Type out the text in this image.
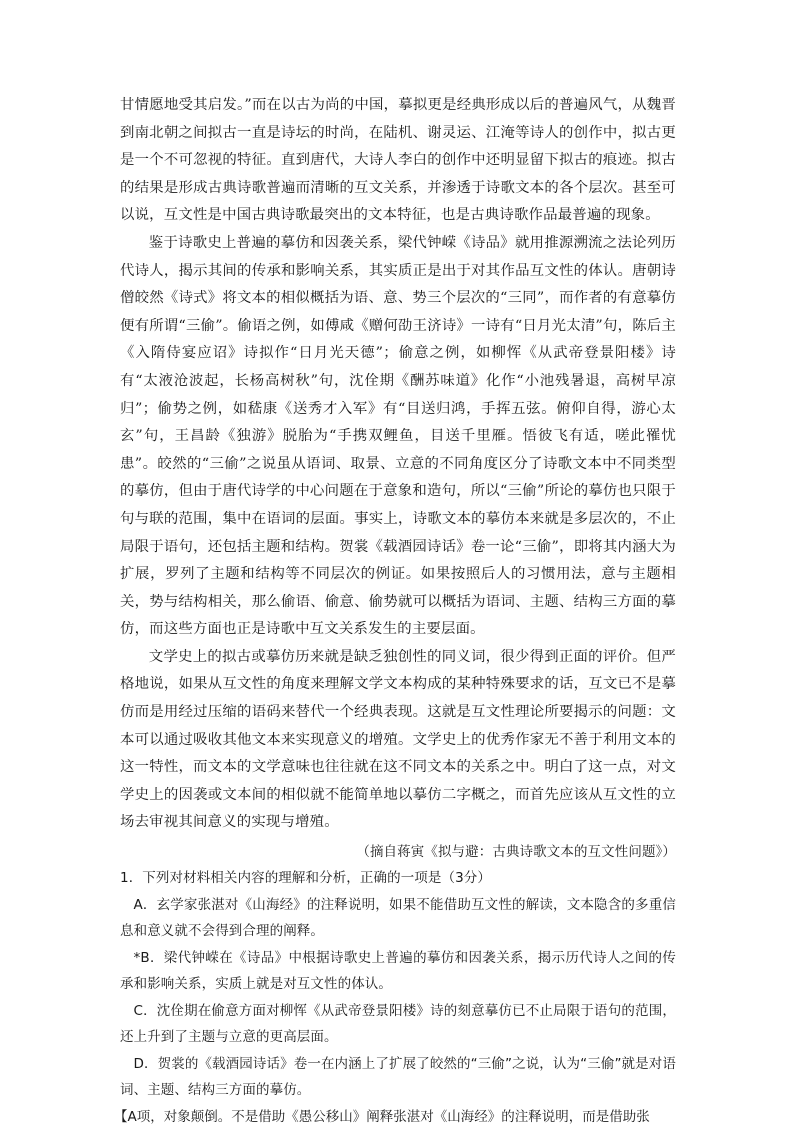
甘情愿地受其启发。”而在以古为尚的中国，摹拟更是经典形成以后的普遍风气，从魏晋到南北朝之间拟古一直是诗坛的时尚，在陆机、谢灵运、江淹等诗人的创作中，拟古更是一个不可忽视的特征。直到唐代，大诗人李白的创作中还明显留下拟古的痕迹。拟古的结果是形成古典诗歌普遍而清晰的互文关系，并渗透于诗歌文本的各个层次。甚至可以说，互文性是中国古典诗歌最突出的文本特征，也是古典诗歌作品最普遍的现象。

鉴于诗歌史上普遍的摹仿和因袭关系，梁代钟嵘《诗品》就用推源溯流之法论列历代诗人，揭示其间的传承和影响关系，其实质正是出于对其作品互文性的体认。唐朝诗僧皎然《诗式》将文本的相似概括为语、意、势三个层次的“三同”，而作者的有意摹仿便有所谓“三偷”。偷语之例，如傅咸《赠何劭王济诗》一诗有“日月光太清”句，陈后主《入隋侍宴应诏》诗拟作“日月光天德”；偷意之例，如柳恽《从武帝登景阳楼》诗有“太液沧波起，长杨高树秋”句，沈佺期《酬苏味道》化作“小池残暑退，高树早凉归”；偷势之例，如嵇康《送秀才入军》有“目送归鸿，手挥五弦。俯仰自得，游心太玄”句，王昌龄《独游》脱胎为“手携双鲤鱼，目送千里雁。悟彼飞有适，嗟此罹忧患”。皎然的“三偷”之说虽从语词、取景、立意的不同角度区分了诗歌文本中不同类型的摹仿，但由于唐代诗学的中心问题在于意象和造句，所以“三偷”所论的摹仿也只限于句与联的范围，集中在语词的层面。事实上，诗歌文本的摹仿本来就是多层次的，不止局限于语句，还包括主题和结构。贺裳《载酒园诗话》卷一论“三偷”，即将其内涵大为扩展，罗列了主题和结构等不同层次的例证。如果按照后人的习惯用法，意与主题相关，势与结构相关，那么偷语、偷意、偷势就可以概括为语词、主题、结构三方面的摹仿，而这些方面也正是诗歌中互文关系发生的主要层面。

文学史上的拟古或摹仿历来就是缺乏独创性的同义词，很少得到正面的评价。但严格地说，如果从互文性的角度来理解文学文本构成的某种特殊要求的话，互文已不是摹仿而是用经过压缩的语码来替代一个经典表现。这就是互文性理论所要揭示的问题：文本可以通过吸收其他文本来实现意义的增殖。文学史上的优秀作家无不善于利用文本的这一特性，而文本的文学意味也往往就在这不同文本的关系之中。明白了这一点，对文学史上的因袭或文本间的相似就不能简单地以摹仿二字概之，而首先应该从互文性的立场去审视其间意义的实现与增殖。

（摘自蒋寅《拟与避：古典诗歌文本的互文性问题》）

1．下列对材料相关内容的理解和分析，正确的一项是（3分）

A．玄学家张湛对《山海经》的注释说明，如果不能借助互文性的解读，文本隐含的多重信息和意义就不会得到合理的阐释。

*B．梁代钟嵘在《诗品》中根据诗歌史上普遍的摹仿和因袭关系，揭示历代诗人之间的传承和影响关系，实质上就是对互文性的体认。

C．沈佺期在偷意方面对柳恽《从武帝登景阳楼》诗的刻意摹仿已不止局限于语句的范围，还上升到了主题与立意的更高层面。

D．贺裳的《载酒园诗话》卷一在内涵上了扩展了皎然的“三偷”之说，认为“三偷”就是对语词、主题、结构三方面的摹仿。

【A项，对象颠倒。不是借助《愚公移山》阐释张湛对《山海经》的注释说明，而是借助张
